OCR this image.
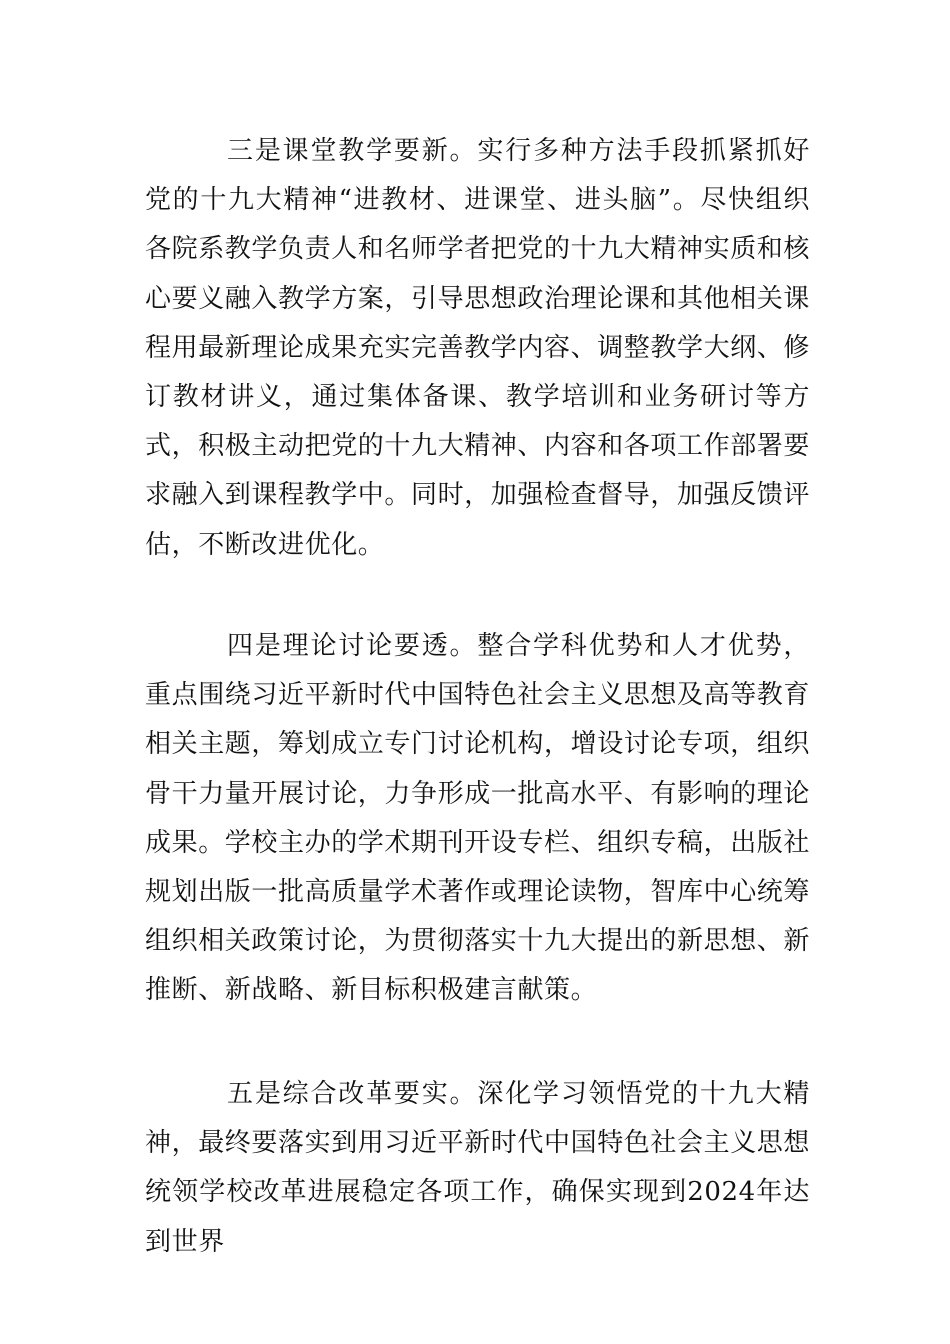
三是课堂教学要新。实行多种方法手段抓紧抓好党的十九大精神“进教材、进课堂、进头脑”。尽快组织各院系教学负责人和名师学者把党的十九大精神实质和核心要义融入教学方案，引导思想政治理论课和其他相关课程用最新理论成果充实完善教学内容、调整教学大纲、修订教材讲义，通过集体备课、教学培训和业务研讨等方式，积极主动把党的十九大精神、内容和各项工作部署要求融入到课程教学中。同时，加强检查督导，加强反馈评估，不断改进优化。

四是理论讨论要透。整合学科优势和人才优势，重点围绕习近平新时代中国特色社会主义思想及高等教育相关主题，筹划成立专门讨论机构，增设讨论专项，组织骨干力量开展讨论，力争形成一批高水平、有影响的理论成果。学校主办的学术期刊开设专栏、组织专稿，出版社规划出版一批高质量学术著作或理论读物，智库中心统筹组织相关政策讨论，为贯彻落实十九大提出的新思想、新推断、新战略、新目标积极建言献策。

五是综合改革要实。深化学习领悟党的十九大精神，最终要落实到用习近平新时代中国特色社会主义思想统领学校改革进展稳定各项工作，确保实现到2024年达到世界
